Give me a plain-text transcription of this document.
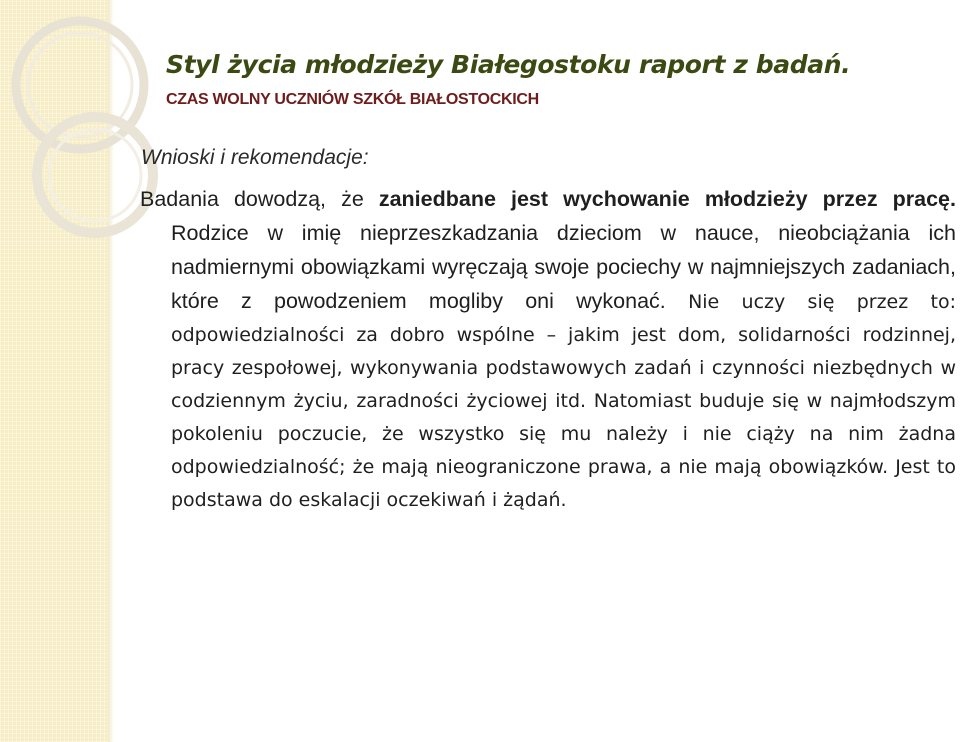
Styl życia młodzieży Białegostoku raport z badań.
CZAS WOLNY UCZNIÓW SZKÓŁ BIAŁOSTOCKICH
Wnioski i rekomendacje:

Badania dowodzą, że zaniedbane jest wychowanie młodzieży przez pracę. Rodzice w imię nieprzeszkadzania dzieciom w nauce, nieobciążania ich nadmiernymi obowiązkami wyręczają swoje pociechy w najmniejszych zadaniach, które z powodzeniem mogliby oni wykonać. Nie uczy się przez to: odpowiedzialności za dobro wspólne – jakim jest dom, solidarności rodzinnej, pracy zespołowej, wykonywania podstawowych zadań i czynności niezbędnych w codziennym życiu, zaradności życiowej itd. Natomiast buduje się w najmłodszym pokoleniu poczucie, że wszystko się mu należy i nie ciąży na nim żadna odpowiedzialność; że mają nieograniczone prawa, a nie mają obowiązków. Jest to podstawa do eskalacji oczekiwań i żądań.
